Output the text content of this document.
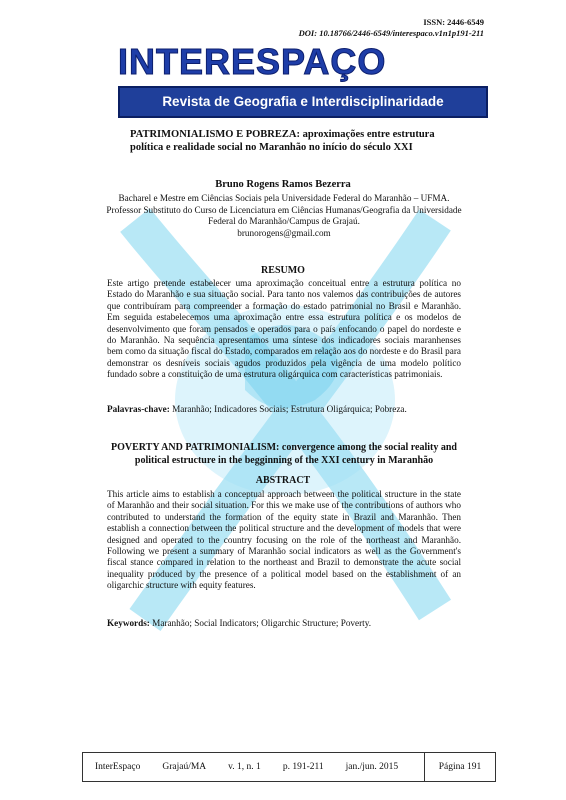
ISSN: 2446-6549
DOI: 10.18766/2446-6549/interespaco.v1n1p191-211
INTERESPAÇO
Revista de Geografia e Interdisciplinaridade
PATRIMONIALISMO E POBREZA: aproximações entre estrutura política e realidade social no Maranhão no início do século XXI
Bruno Rogens Ramos Bezerra
Bacharel e Mestre em Ciências Sociais pela Universidade Federal do Maranhão – UFMA. Professor Substituto do Curso de Licenciatura em Ciências Humanas/Geografia da Universidade Federal do Maranhão/Campus de Grajaú.
brunorogens@gmail.com
RESUMO
Este artigo pretende estabelecer uma aproximação conceitual entre a estrutura política no Estado do Maranhão e sua situação social. Para tanto nos valemos das contribuições de autores que contribuíram para compreender a formação do estado patrimonial no Brasil e Maranhão. Em seguida estabelecemos uma aproximação entre essa estrutura política e os modelos de desenvolvimento que foram pensados e operados para o país enfocando o papel do nordeste e do Maranhão. Na sequência apresentamos uma síntese dos indicadores sociais maranhenses bem como da situação fiscal do Estado, comparados em relação aos do nordeste e do Brasil para demonstrar os desníveis sociais agudos produzidos pela vigência de uma modelo político fundado sobre a constituição de uma estrutura oligárquica com características patrimoniais.
Palavras-chave: Maranhão; Indicadores Sociais; Estrutura Oligárquica; Pobreza.
POVERTY AND PATRIMONIALISM: convergence among the social reality and political estructure in the begginning of the XXI century in Maranhão
ABSTRACT
This article aims to establish a conceptual approach between the political structure in the state of Maranhão and their social situation. For this we make use of the contributions of authors who contributed to understand the formation of the equity state in Brazil and Maranhão. Then establish a connection between the political structure and the development of models that were designed and operated to the country focusing on the role of the northeast and Maranhão. Following we present a summary of Maranhão social indicators as well as the Government's fiscal stance compared in relation to the northeast and Brazil to demonstrate the acute social inequality produced by the presence of a political model based on the establishment of an oligarchic structure with equity features.
Keywords: Maranhão; Social Indicators; Oligarchic Structure; Poverty.
InterEspaço Grajaú/MA v. 1, n. 1 p. 191-211 jan./jun. 2015	Página 191
